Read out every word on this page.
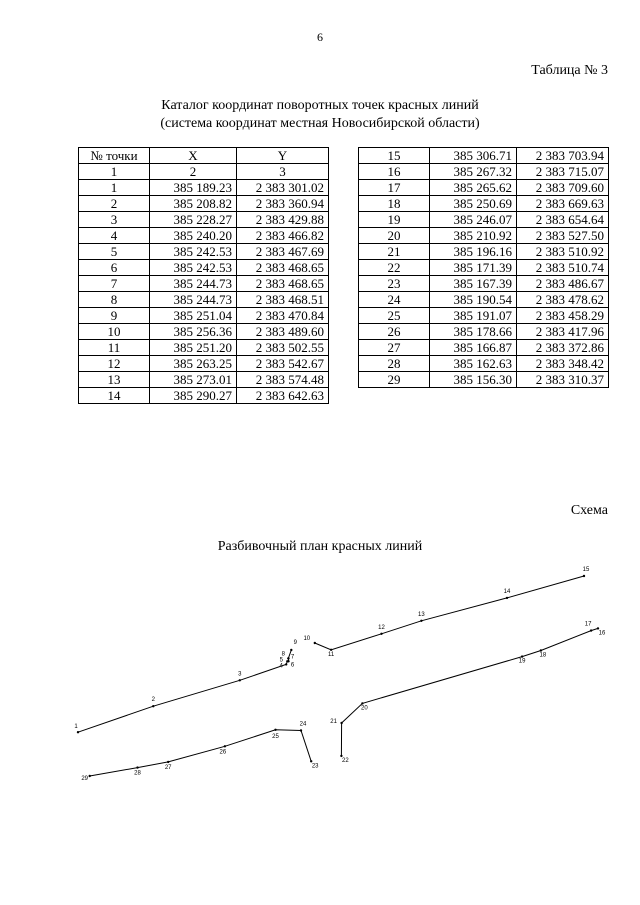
6
Таблица № 3
Каталог координат поворотных точек красных линий
(система координат местная Новосибирской области)
№ точки	X	Y
1	2	3
1	385 189.23	2 383 301.02
2	385 208.82	2 383 360.94
3	385 228.27	2 383 429.88
4	385 240.20	2 383 466.82
5	385 242.53	2 383 467.69
6	385 242.53	2 383 468.65
7	385 244.73	2 383 468.65
8	385 244.73	2 383 468.51
9	385 251.04	2 383 470.84
10	385 256.36	2 383 489.60
11	385 251.20	2 383 502.55
12	385 263.25	2 383 542.67
13	385 273.01	2 383 574.48
14	385 290.27	2 383 642.63
15	385 306.71	2 383 703.94
16	385 267.32	2 383 715.07
17	385 265.62	2 383 709.60
18	385 250.69	2 383 669.63
19	385 246.07	2 383 654.64
20	385 210.92	2 383 527.50
21	385 196.16	2 383 510.92
22	385 171.39	2 383 510.74
23	385 167.39	2 383 486.67
24	385 190.54	2 383 478.62
25	385 191.07	2 383 458.29
26	385 178.66	2 383 417.96
27	385 166.87	2 383 372.86
28	385 162.63	2 383 348.42
29	385 156.30	2 383 310.37
Схема
Разбивочный план красных линий
1
2
3
4
5
6
7
8
9
10
11
12
13
14
15
16
17
18
19
20
21
22
23
24
25
26
27
28
29
